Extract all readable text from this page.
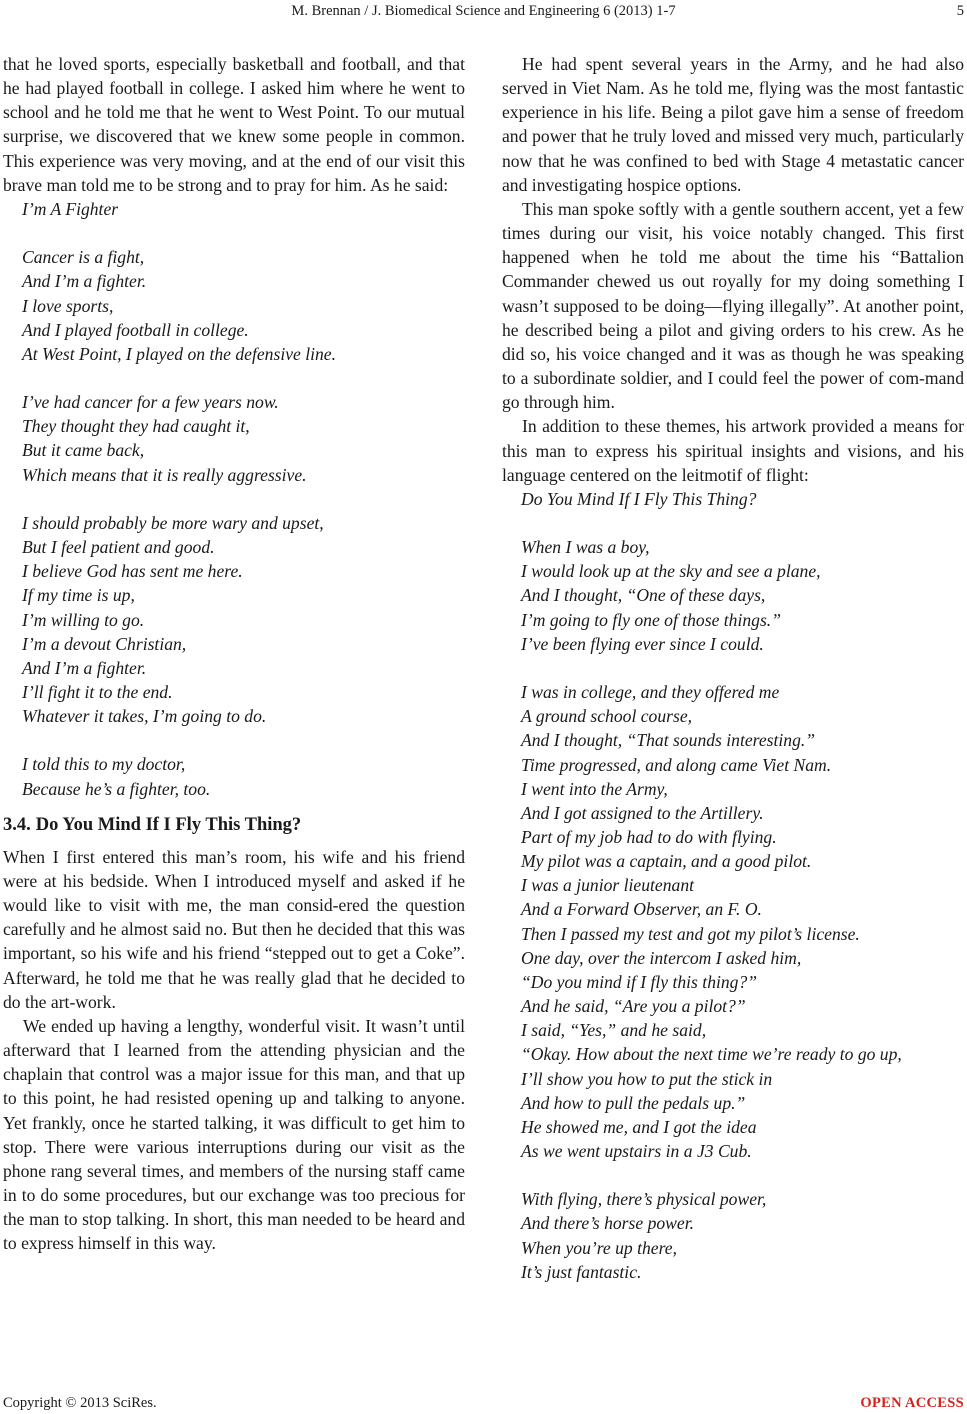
M. Brennan / J. Biomedical Science and Engineering 6 (2013) 1-7	5

that he loved sports, especially basketball and football, and that he had played football in college. I asked him where he went to school and he told me that he went to West Point. To our mutual surprise, we discovered that we knew some people in common. This experience was very moving, and at the end of our visit this brave man told me to be strong and to pray for him. As he said:

I’m A Fighter
Cancer is a fight,
And I’m a fighter.
I love sports,
And I played football in college.
At West Point, I played on the defensive line.
I’ve had cancer for a few years now.
They thought they had caught it,
But it came back,
Which means that it is really aggressive.
I should probably be more wary and upset,
But I feel patient and good.
I believe God has sent me here.
If my time is up,
I’m willing to go.
I’m a devout Christian,
And I’m a fighter.
I’ll fight it to the end.
Whatever it takes, I’m going to do.
I told this to my doctor,
Because he’s a fighter, too.
3.4. Do You Mind If I Fly This Thing?

When I first entered this man’s room, his wife and his friend were at his bedside. When I introduced myself and asked if he would like to visit with me, the man consid-ered the question carefully and he almost said no. But then he decided that this was important, so his wife and his friend “stepped out to get a Coke”. Afterward, he told me that he was really glad that he decided to do the art-work.

We ended up having a lengthy, wonderful visit. It wasn’t until afterward that I learned from the attending physician and the chaplain that control was a major issue for this man, and that up to this point, he had resisted opening up and talking to anyone. Yet frankly, once he started talking, it was difficult to get him to stop. There were various interruptions during our visit as the phone rang several times, and members of the nursing staff came in to do some procedures, but our exchange was too precious for the man to stop talking. In short, this man needed to be heard and to express himself in this way.

He had spent several years in the Army, and he had also served in Viet Nam. As he told me, flying was the most fantastic experience in his life. Being a pilot gave him a sense of freedom and power that he truly loved and missed very much, particularly now that he was confined to bed with Stage 4 metastatic cancer and investigating hospice options.

This man spoke softly with a gentle southern accent, yet a few times during our visit, his voice notably changed. This first happened when he told me about the time his “Battalion Commander chewed us out royally for my doing something I wasn’t supposed to be doing—flying illegally”. At another point, he described being a pilot and giving orders to his crew. As he did so, his voice changed and it was as though he was speaking to a subordinate soldier, and I could feel the power of com-mand go through him.

In addition to these themes, his artwork provided a means for this man to express his spiritual insights and visions, and his language centered on the leitmotif of flight:

Do You Mind If I Fly This Thing?
When I was a boy,
I would look up at the sky and see a plane,
And I thought, “One of these days,
I’m going to fly one of those things.”
I’ve been flying ever since I could.
I was in college, and they offered me
A ground school course,
And I thought, “That sounds interesting.”
Time progressed, and along came Viet Nam.
I went into the Army,
And I got assigned to the Artillery.
Part of my job had to do with flying.
My pilot was a captain, and a good pilot.
I was a junior lieutenant
And a Forward Observer, an F. O.
Then I passed my test and got my pilot’s license.
One day, over the intercom I asked him,
“Do you mind if I fly this thing?”
And he said, “Are you a pilot?”
I said, “Yes,” and he said,
“Okay. How about the next time we’re ready to go up,
I’ll show you how to put the stick in
And how to pull the pedals up.”
He showed me, and I got the idea
As we went upstairs in a J3 Cub.
With flying, there’s physical power,
And there’s horse power.
When you’re up there,
It’s just fantastic.
Copyright © 2013 SciRes.	OPEN ACCESS
